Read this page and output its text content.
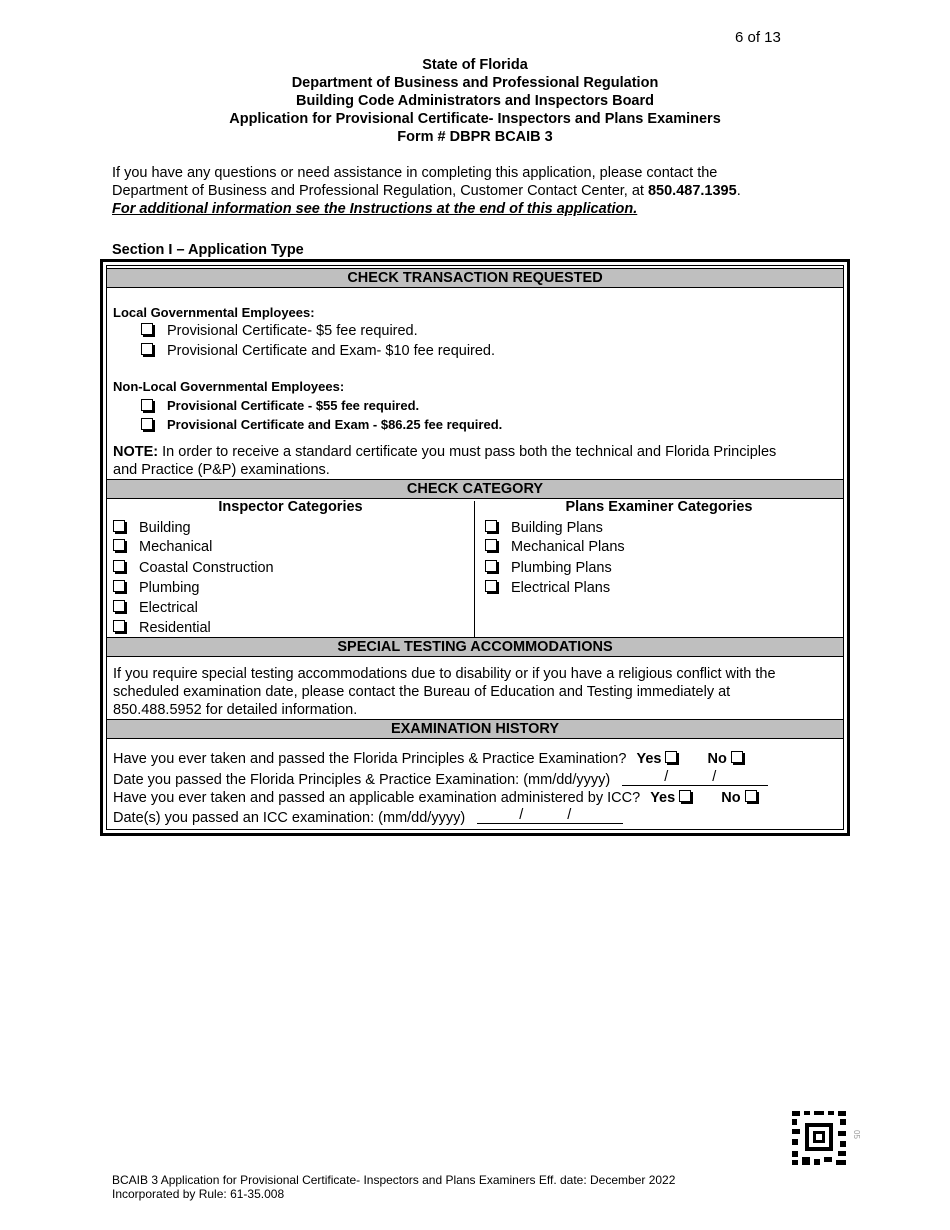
6 of 13
State of Florida
Department of Business and Professional Regulation
Building Code Administrators and Inspectors Board
Application for Provisional Certificate- Inspectors and Plans Examiners
Form # DBPR BCAIB 3
If you have any questions or need assistance in completing this application, please contact the
Department of Business and Professional Regulation, Customer Contact Center, at 850.487.1395.
For additional information see the Instructions at the end of this application.
Section I – Application Type
CHECK TRANSACTION REQUESTED
Local Governmental Employees:
Provisional Certificate- $5 fee required.
Provisional Certificate and Exam- $10 fee required.
Non-Local Governmental Employees:
Provisional Certificate - $55 fee required.
Provisional Certificate and Exam - $86.25 fee required.
NOTE: In order to receive a standard certificate you must pass both the technical and Florida Principles
and Practice (P&P) examinations.
CHECK CATEGORY
Inspector Categories	Plans Examiner Categories
Building
Mechanical
Coastal Construction
Plumbing
Electrical
Residential
Building Plans
Mechanical Plans
Plumbing Plans
Electrical Plans
SPECIAL TESTING ACCOMMODATIONS
If you require special testing accommodations due to disability or if you have a religious conflict with the
scheduled examination date, please contact the Bureau of Education and Testing immediately at
850.488.5952 for detailed information.
EXAMINATION HISTORY
Have you ever taken and passed the Florida Principles & Practice Examination? Yes	No
Date you passed the Florida Principles & Practice Examination: (mm/dd/yyyy)	/	/
Have you ever taken and passed an applicable examination administered by ICC? Yes	No
Date(s) you passed an ICC examination: (mm/dd/yyyy)	/	/
05
BCAIB 3 Application for Provisional Certificate- Inspectors and Plans Examiners Eff. date: December 2022
Incorporated by Rule: 61-35.008
